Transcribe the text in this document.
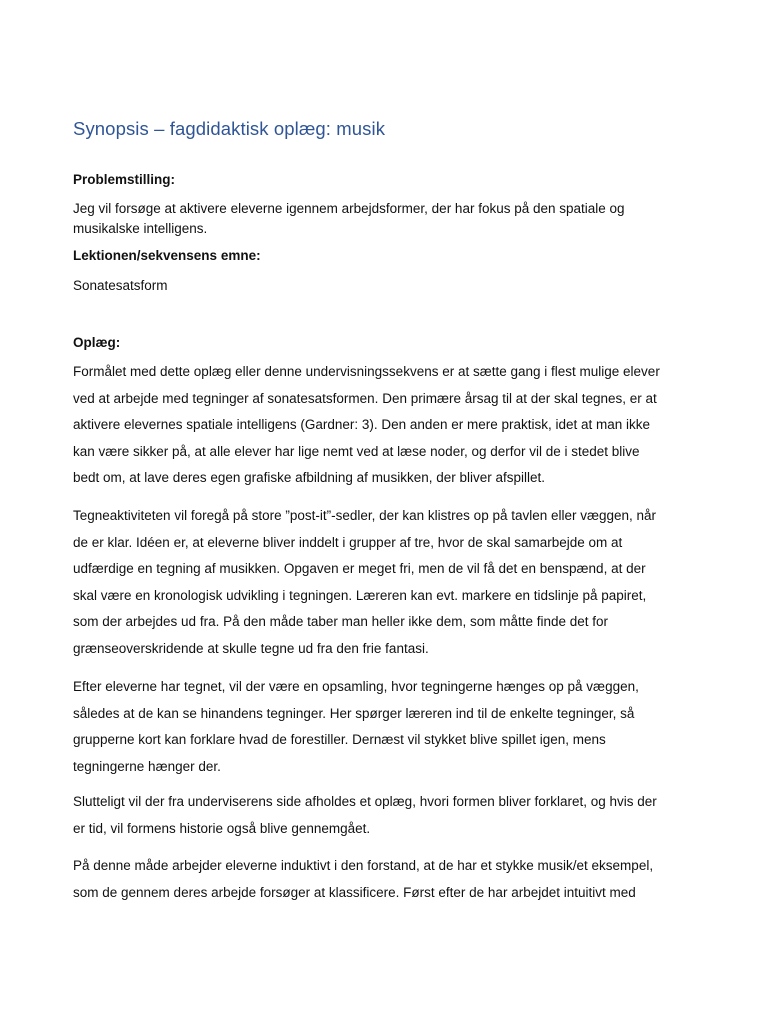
Synopsis – fagdidaktisk oplæg: musik
Problemstilling:
Jeg vil forsøge at aktivere eleverne igennem arbejdsformer, der har fokus på den spatiale og
musikalske intelligens.
Lektionen/sekvensens emne:
Sonatesatsform
Oplæg:
Formålet med dette oplæg eller denne undervisningssekvens er at sætte gang i flest mulige elever
ved at arbejde med tegninger af sonatesatsformen. Den primære årsag til at der skal tegnes, er at
aktivere elevernes spatiale intelligens (Gardner: 3). Den anden er mere praktisk, idet at man ikke
kan være sikker på, at alle elever har lige nemt ved at læse noder, og derfor vil de i stedet blive
bedt om, at lave deres egen grafiske afbildning af musikken, der bliver afspillet.
Tegneaktiviteten vil foregå på store ”post-it”-sedler, der kan klistres op på tavlen eller væggen, når
de er klar. Idéen er, at eleverne bliver inddelt i grupper af tre, hvor de skal samarbejde om at
udfærdige en tegning af musikken. Opgaven er meget fri, men de vil få det en benspænd, at der
skal være en kronologisk udvikling i tegningen. Læreren kan evt. markere en tidslinje på papiret,
som der arbejdes ud fra. På den måde taber man heller ikke dem, som måtte finde det for
grænseoverskridende at skulle tegne ud fra den frie fantasi.
Efter eleverne har tegnet, vil der være en opsamling, hvor tegningerne hænges op på væggen,
således at de kan se hinandens tegninger. Her spørger læreren ind til de enkelte tegninger, så
grupperne kort kan forklare hvad de forestiller. Dernæst vil stykket blive spillet igen, mens
tegningerne hænger der.
Slutteligt vil der fra underviserens side afholdes et oplæg, hvori formen bliver forklaret, og hvis der
er tid, vil formens historie også blive gennemgået.
På denne måde arbejder eleverne induktivt i den forstand, at de har et stykke musik/et eksempel,
som de gennem deres arbejde forsøger at klassificere. Først efter de har arbejdet intuitivt med
